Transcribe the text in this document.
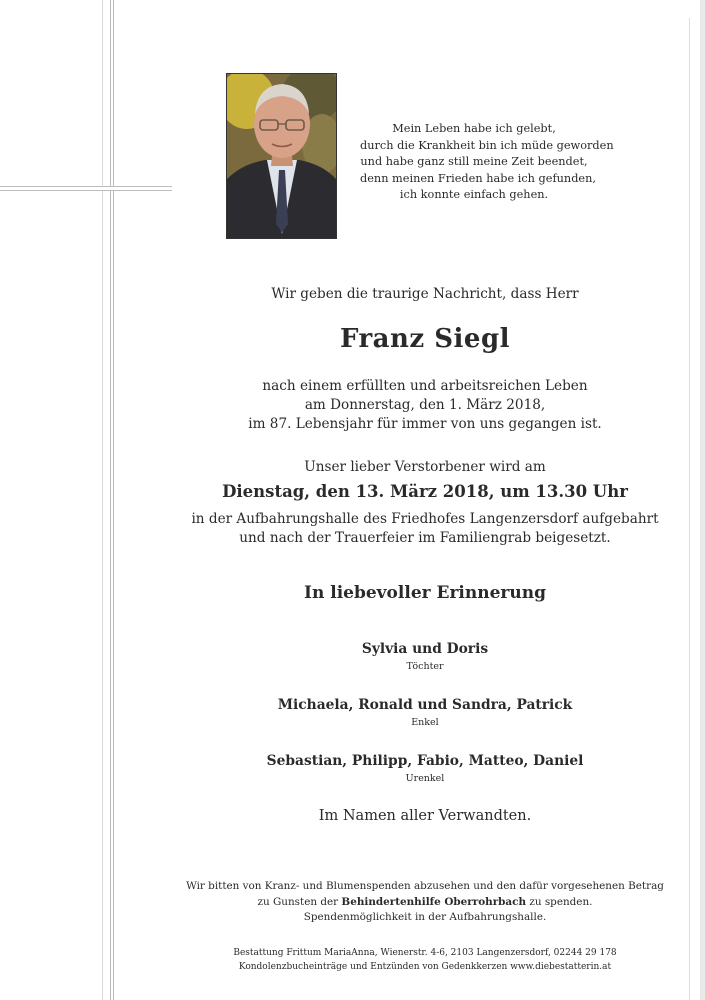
Mein Leben habe ich gelebt,
durch die Krankheit bin ich müde geworden
und habe ganz still meine Zeit beendet,
denn meinen Frieden habe ich gefunden,
ich konnte einfach gehen.
Wir geben die traurige Nachricht, dass Herr
Franz Siegl
nach einem erfüllten und arbeitsreichen Leben
am Donnerstag, den 1. März 2018,
im 87. Lebensjahr für immer von uns gegangen ist.
Unser lieber Verstorbener wird am
Dienstag, den 13. März 2018, um 13.30 Uhr
in der Aufbahrungshalle des Friedhofes Langenzersdorf aufgebahrt
und nach der Trauerfeier im Familiengrab beigesetzt.
In liebevoller Erinnerung
Sylvia und Doris
Töchter
Michaela, Ronald und Sandra, Patrick
Enkel
Sebastian, Philipp, Fabio, Matteo, Daniel
Urenkel
Im Namen aller Verwandten.
Wir bitten von Kranz- und Blumenspenden abzusehen und den dafür vorgesehenen Betrag
zu Gunsten der Behindertenhilfe Oberrohrbach zu spenden.
Spendenmöglichkeit in der Aufbahrungshalle.
Bestattung Frittum MariaAnna, Wienerstr. 4-6, 2103 Langenzersdorf, 02244 29 178
Kondolenzbucheinträge und Entzünden von Gedenkkerzen www.diebestatterin.at
